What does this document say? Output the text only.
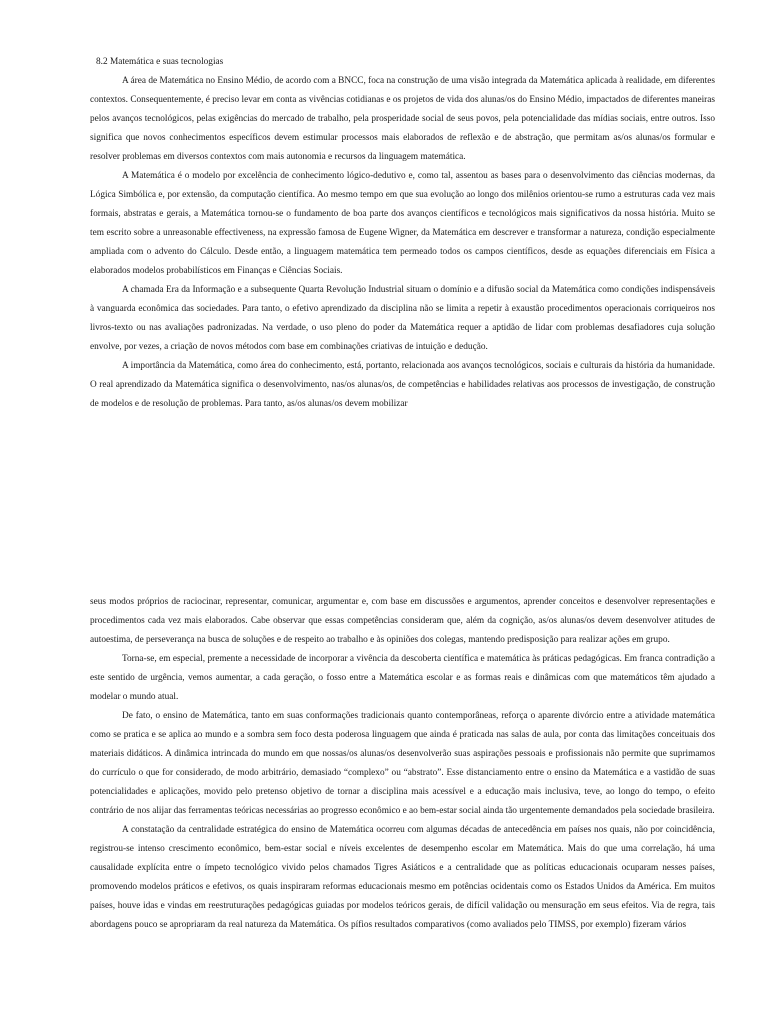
8.2 Matemática e suas tecnologias

A área de Matemática no Ensino Médio, de acordo com a BNCC, foca na construção de uma visão integrada da Matemática aplicada à realidade, em diferentes contextos. Consequentemente, é preciso levar em conta as vivências cotidianas e os projetos de vida dos alunas/os do Ensino Médio, impactados de diferentes maneiras pelos avanços tecnológicos, pelas exigências do mercado de trabalho, pela prosperidade social de seus povos, pela potencialidade das mídias sociais, entre outros. Isso significa que novos conhecimentos específicos devem estimular processos mais elaborados de reflexão e de abstração, que permitam as/os alunas/os formular e resolver problemas em diversos contextos com mais autonomia e recursos da linguagem matemática.

A Matemática é o modelo por excelência de conhecimento lógico-dedutivo e, como tal, assentou as bases para o desenvolvimento das ciências modernas, da Lógica Simbólica e, por extensão, da computação científica. Ao mesmo tempo em que sua evolução ao longo dos milênios orientou-se rumo a estruturas cada vez mais formais, abstratas e gerais, a Matemática tornou-se o fundamento de boa parte dos avanços científicos e tecnológicos mais significativos da nossa história. Muito se tem escrito sobre a unreasonable effectiveness, na expressão famosa de Eugene Wigner, da Matemática em descrever e transformar a natureza, condição especialmente ampliada com o advento do Cálculo. Desde então, a linguagem matemática tem permeado todos os campos científicos, desde as equações diferenciais em Física a elaborados modelos probabilísticos em Finanças e Ciências Sociais.

A chamada Era da Informação e a subsequente Quarta Revolução Industrial situam o domínio e a difusão social da Matemática como condições indispensáveis à vanguarda econômica das sociedades. Para tanto, o efetivo aprendizado da disciplina não se limita a repetir à exaustão procedimentos operacionais corriqueiros nos livros-texto ou nas avaliações padronizadas. Na verdade, o uso pleno do poder da Matemática requer a aptidão de lidar com problemas desafiadores cuja solução envolve, por vezes, a criação de novos métodos com base em combinações criativas de intuição e dedução.

A importância da Matemática, como área do conhecimento, está, portanto, relacionada aos avanços tecnológicos, sociais e culturais da história da humanidade. O real aprendizado da Matemática significa o desenvolvimento, nas/os alunas/os, de competências e habilidades relativas aos processos de investigação, de construção de modelos e de resolução de problemas. Para tanto, as/os alunas/os devem mobilizar

seus modos próprios de raciocinar, representar, comunicar, argumentar e, com base em discussões e argumentos, aprender conceitos e desenvolver representações e procedimentos cada vez mais elaborados. Cabe observar que essas competências consideram que, além da cognição, as/os alunas/os devem desenvolver atitudes de autoestima, de perseverança na busca de soluções e de respeito ao trabalho e às opiniões dos colegas, mantendo predisposição para realizar ações em grupo.

Torna-se, em especial, premente a necessidade de incorporar a vivência da descoberta científica e matemática às práticas pedagógicas. Em franca contradição a este sentido de urgência, vemos aumentar, a cada geração, o fosso entre a Matemática escolar e as formas reais e dinâmicas com que matemáticos têm ajudado a modelar o mundo atual.

De fato, o ensino de Matemática, tanto em suas conformações tradicionais quanto contemporâneas, reforça o aparente divórcio entre a atividade matemática como se pratica e se aplica ao mundo e a sombra sem foco desta poderosa linguagem que ainda é praticada nas salas de aula, por conta das limitações conceituais dos materiais didáticos. A dinâmica intrincada do mundo em que nossas/os alunas/os desenvolverão suas aspirações pessoais e profissionais não permite que suprimamos do currículo o que for considerado, de modo arbitrário, demasiado “complexo” ou “abstrato”. Esse distanciamento entre o ensino da Matemática e a vastidão de suas potencialidades e aplicações, movido pelo pretenso objetivo de tornar a disciplina mais acessível e a educação mais inclusiva, teve, ao longo do tempo, o efeito contrário de nos alijar das ferramentas teóricas necessárias ao progresso econômico e ao bem-estar social ainda tão urgentemente demandados pela sociedade brasileira.

A constatação da centralidade estratégica do ensino de Matemática ocorreu com algumas décadas de antecedência em países nos quais, não por coincidência, registrou-se intenso crescimento econômico, bem-estar social e níveis excelentes de desempenho escolar em Matemática. Mais do que uma correlação, há uma causalidade explícita entre o ímpeto tecnológico vivido pelos chamados Tigres Asiáticos e a centralidade que as políticas educacionais ocuparam nesses países, promovendo modelos práticos e efetivos, os quais inspiraram reformas educacionais mesmo em potências ocidentais como os Estados Unidos da América. Em muitos países, houve idas e vindas em reestruturações pedagógicas guiadas por modelos teóricos gerais, de difícil validação ou mensuração em seus efeitos. Via de regra, tais abordagens pouco se apropriaram da real natureza da Matemática. Os pífios resultados comparativos (como avaliados pelo TIMSS, por exemplo) fizeram vários
